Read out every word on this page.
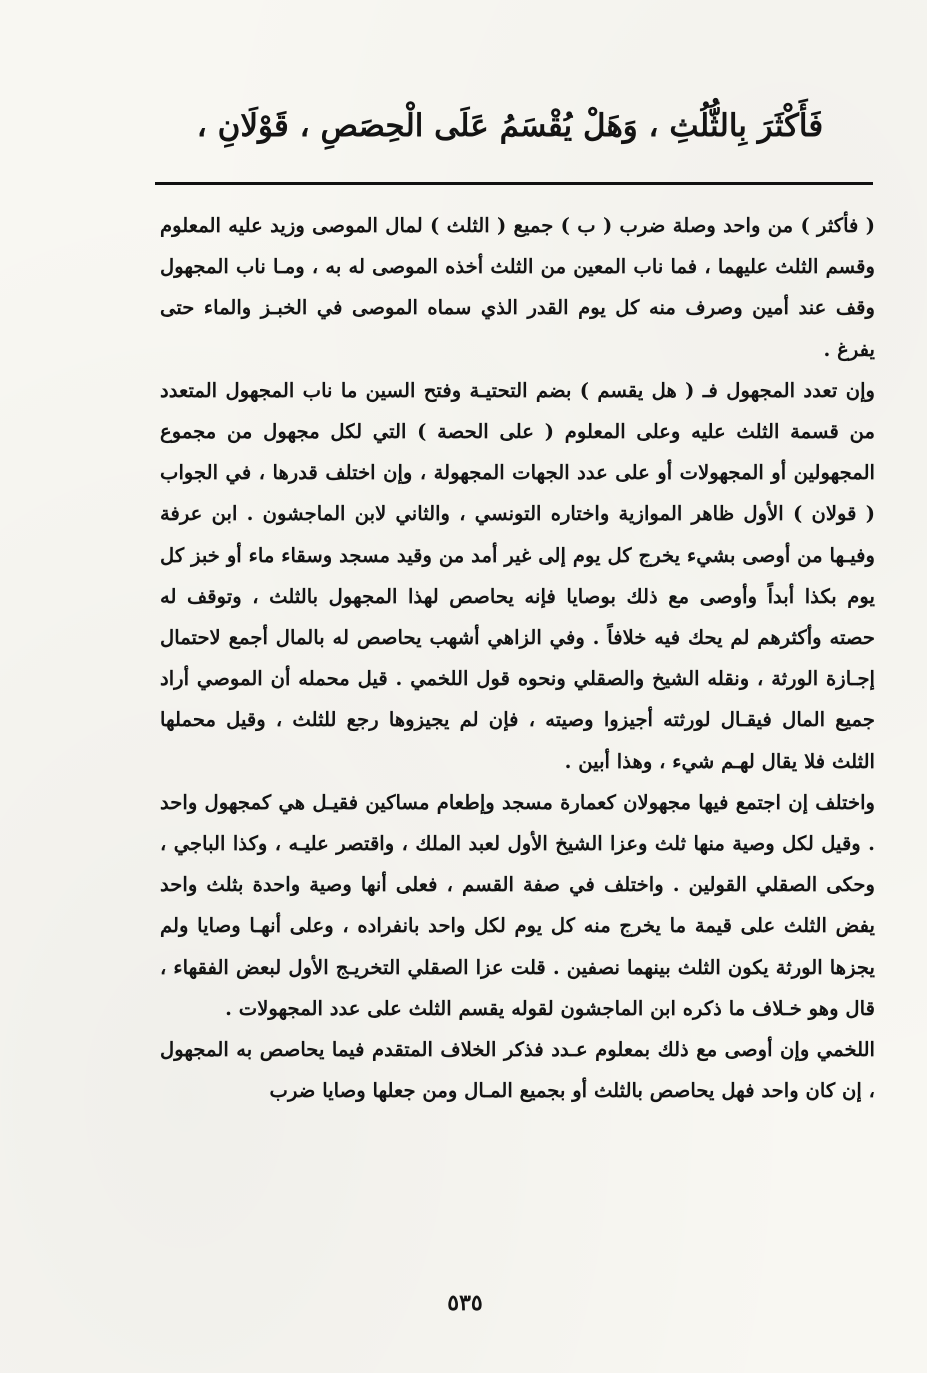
فَأَكْثَرَ بِالثُّلُثِ ، وَهَلْ يُقْسَمُ عَلَى الْحِصَصِ ، قَوْلَانِ ،

( فأكثر ) من واحد وصلة ضرب ( ب ) جميع ( الثلث ) لمال الموصى وزيد عليه المعلوم وقسم الثلث عليهما ، فما ناب المعين من الثلث أخذه الموصى له به ، ومـا ناب المجهول وقف عند أمين وصرف منه كل يوم القدر الذي سماه الموصى في الخبـز والماء حتى يفرغ .

وإن تعدد المجهول فـ ( هل يقسم ) بضم التحتيـة وفتح السين ما ناب المجهول المتعدد من قسمة الثلث عليه وعلى المعلوم ( على الحصة ) التي لكل مجهول من مجموع المجهولين أو المجهولات أو على عدد الجهات المجهولة ، وإن اختلف قدرها ، في الجواب ( قولان ) الأول ظاهر الموازية واختاره التونسي ، والثاني لابن الماجشون . ابن عرفة وفيـها من أوصى بشيء يخرج كل يوم إلى غير أمد من وقيد مسجد وسقاء ماء أو خبز كل يوم بكذا أبداً وأوصى مع ذلك بوصايا فإنه يحاصص لهذا المجهول بالثلث ، وتوقف له حصته وأكثرهم لم يحك فيه خلافاً . وفي الزاهي أشهب يحاصص له بالمال أجمع لاحتمال إجـازة الورثة ، ونقله الشيخ والصقلي ونحوه قول اللخمي . قيل محمله أن الموصي أراد جميع المال فيقـال لورثته أجيزوا وصيته ، فإن لم يجيزوها رجع للثلث ، وقيل محملها الثلث فلا يقال لهـم شيء ، وهذا أبين .

واختلف إن اجتمع فيها مجهولان كعمارة مسجد وإطعام مساكين فقيـل هي كمجهول واحد . وقيل لكل وصية منها ثلث وعزا الشيخ الأول لعبد الملك ، واقتصر عليـه ، وكذا الباجي ، وحكى الصقلي القولين . واختلف في صفة القسم ، فعلى أنها وصية واحدة بثلث واحد يفض الثلث على قيمة ما يخرج منه كل يوم لكل واحد بانفراده ، وعلى أنهـا وصايا ولم يجزها الورثة يكون الثلث بينهما نصفين . قلت عزا الصقلي التخريـج الأول لبعض الفقهاء ، قال وهو خـلاف ما ذكره ابن الماجشون لقوله يقسم الثلث على عدد المجهولات .

اللخمي وإن أوصى مع ذلك بمعلوم عـدد فذكر الخلاف المتقدم فيما يحاصص به المجهول ، إن كان واحد فهل يحاصص بالثلث أو بجميع المـال ومن جعلها وصايا ضرب

٥٣٥
